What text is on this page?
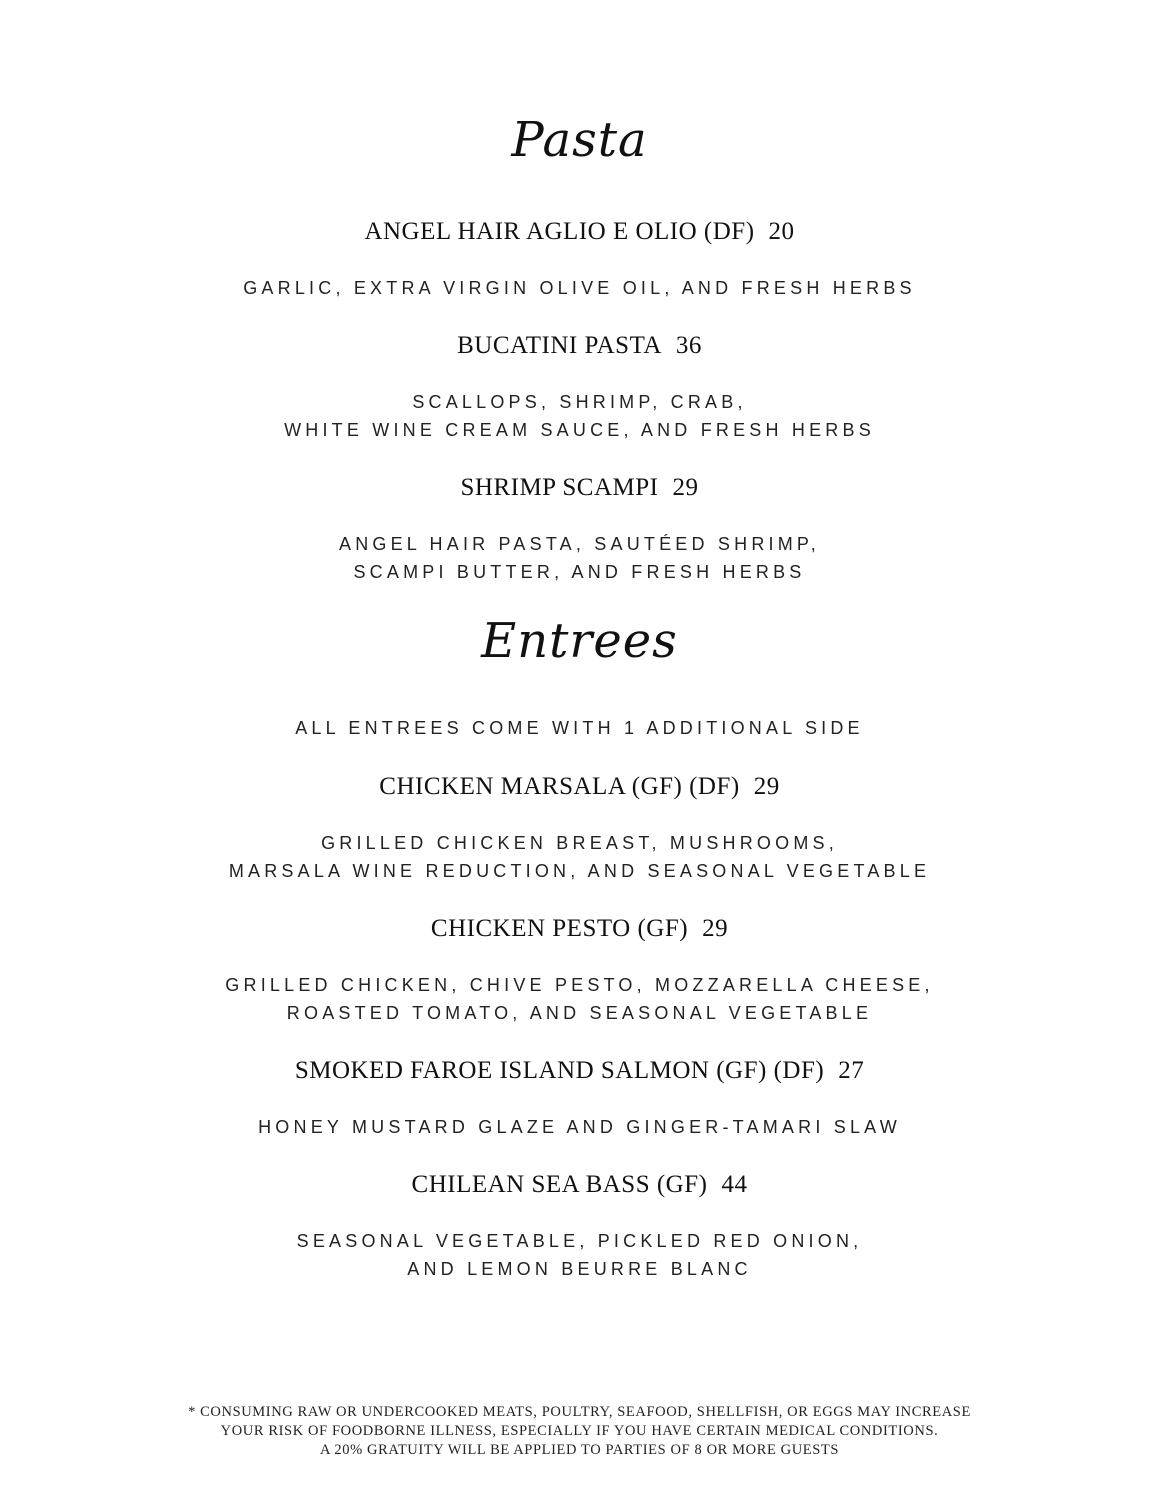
Pasta
ANGEL HAIR AGLIO E OLIO (DF) 20
GARLIC, EXTRA VIRGIN OLIVE OIL, AND FRESH HERBS
BUCATINI PASTA 36
SCALLOPS, SHRIMP, CRAB,
WHITE WINE CREAM SAUCE, AND FRESH HERBS
SHRIMP SCAMPI 29
ANGEL HAIR PASTA, SAUTÉED SHRIMP,
SCAMPI BUTTER, AND FRESH HERBS
Entrees
ALL ENTREES COME WITH 1 ADDITIONAL SIDE
CHICKEN MARSALA (GF) (DF) 29
GRILLED CHICKEN BREAST, MUSHROOMS,
MARSALA WINE REDUCTION, AND SEASONAL VEGETABLE
CHICKEN PESTO (GF) 29
GRILLED CHICKEN, CHIVE PESTO, MOZZARELLA CHEESE,
ROASTED TOMATO, AND SEASONAL VEGETABLE
SMOKED FAROE ISLAND SALMON (GF) (DF) 27
HONEY MUSTARD GLAZE AND GINGER-TAMARI SLAW
CHILEAN SEA BASS (GF) 44
SEASONAL VEGETABLE, PICKLED RED ONION,
AND LEMON BEURRE BLANC
* CONSUMING RAW OR UNDERCOOKED MEATS, POULTRY, SEAFOOD, SHELLFISH, OR EGGS MAY INCREASE
YOUR RISK OF FOODBORNE ILLNESS, ESPECIALLY IF YOU HAVE CERTAIN MEDICAL CONDITIONS.
A 20% GRATUITY WILL BE APPLIED TO PARTIES OF 8 OR MORE GUESTS
